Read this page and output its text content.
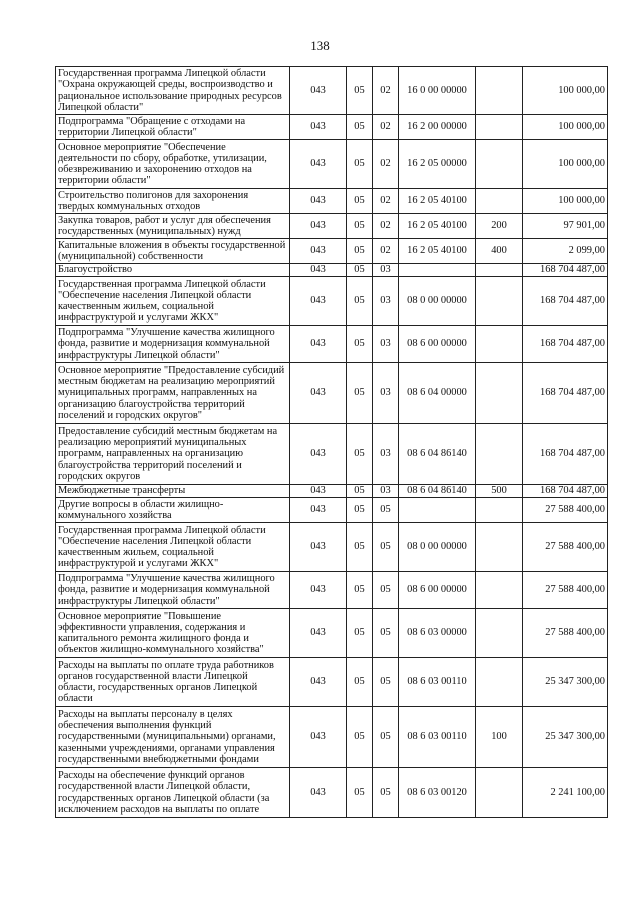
138
Государственная программа Липецкой области "Охрана окружающей среды, воспроизводство и рациональное использование природных ресурсов Липецкой области"	043	05	02	16 0 00 00000		100 000,00
Подпрограмма "Обращение с отходами на территории Липецкой области"	043	05	02	16 2 00 00000		100 000,00
Основное мероприятие "Обеспечение деятельности по сбору, обработке, утилизации, обезвреживанию и захоронению отходов на территории области"	043	05	02	16 2 05 00000		100 000,00
Строительство полигонов для захоронения твердых коммунальных отходов	043	05	02	16 2 05 40100		100 000,00
Закупка товаров, работ и услуг для обеспечения государственных (муниципальных) нужд	043	05	02	16 2 05 40100	200	97 901,00
Капитальные вложения в объекты государственной (муниципальной) собственности	043	05	02	16 2 05 40100	400	2 099,00
Благоустройство	043	05	03			168 704 487,00
Государственная программа Липецкой области "Обеспечение населения Липецкой области качественным жильем, социальной инфраструктурой и услугами ЖКХ"	043	05	03	08 0 00 00000		168 704 487,00
Подпрограмма "Улучшение качества жилищного фонда, развитие и модернизация коммунальной инфраструктуры Липецкой области"	043	05	03	08 6 00 00000		168 704 487,00
Основное мероприятие "Предоставление субсидий местным бюджетам на реализацию мероприятий муниципальных программ, направленных на организацию благоустройства территорий поселений и городских округов"	043	05	03	08 6 04 00000		168 704 487,00
Предоставление субсидий местным бюджетам на реализацию мероприятий муниципальных программ, направленных на организацию благоустройства территорий поселений и городских округов	043	05	03	08 6 04 86140		168 704 487,00
Межбюджетные трансферты	043	05	03	08 6 04 86140	500	168 704 487,00
Другие вопросы в области жилищно-коммунального хозяйства	043	05	05			27 588 400,00
Государственная программа Липецкой области "Обеспечение населения Липецкой области качественным жильем, социальной инфраструктурой и услугами ЖКХ"	043	05	05	08 0 00 00000		27 588 400,00
Подпрограмма "Улучшение качества жилищного фонда, развитие и модернизация коммунальной инфраструктуры Липецкой области"	043	05	05	08 6 00 00000		27 588 400,00
Основное мероприятие "Повышение эффективности управления, содержания и капитального ремонта жилищного фонда и объектов жилищно-коммунального хозяйства"	043	05	05	08 6 03 00000		27 588 400,00
Расходы на выплаты по оплате труда работников органов государственной власти Липецкой области, государственных органов Липецкой области	043	05	05	08 6 03 00110		25 347 300,00
Расходы на выплаты персоналу в целях обеспечения выполнения функций государственными (муниципальными) органами, казенными учреждениями, органами управления государственными внебюджетными фондами	043	05	05	08 6 03 00110	100	25 347 300,00
Расходы на обеспечение функций органов государственной власти Липецкой области, государственных органов Липецкой области (за исключением расходов на выплаты по оплате	043	05	05	08 6 03 00120		2 241 100,00
